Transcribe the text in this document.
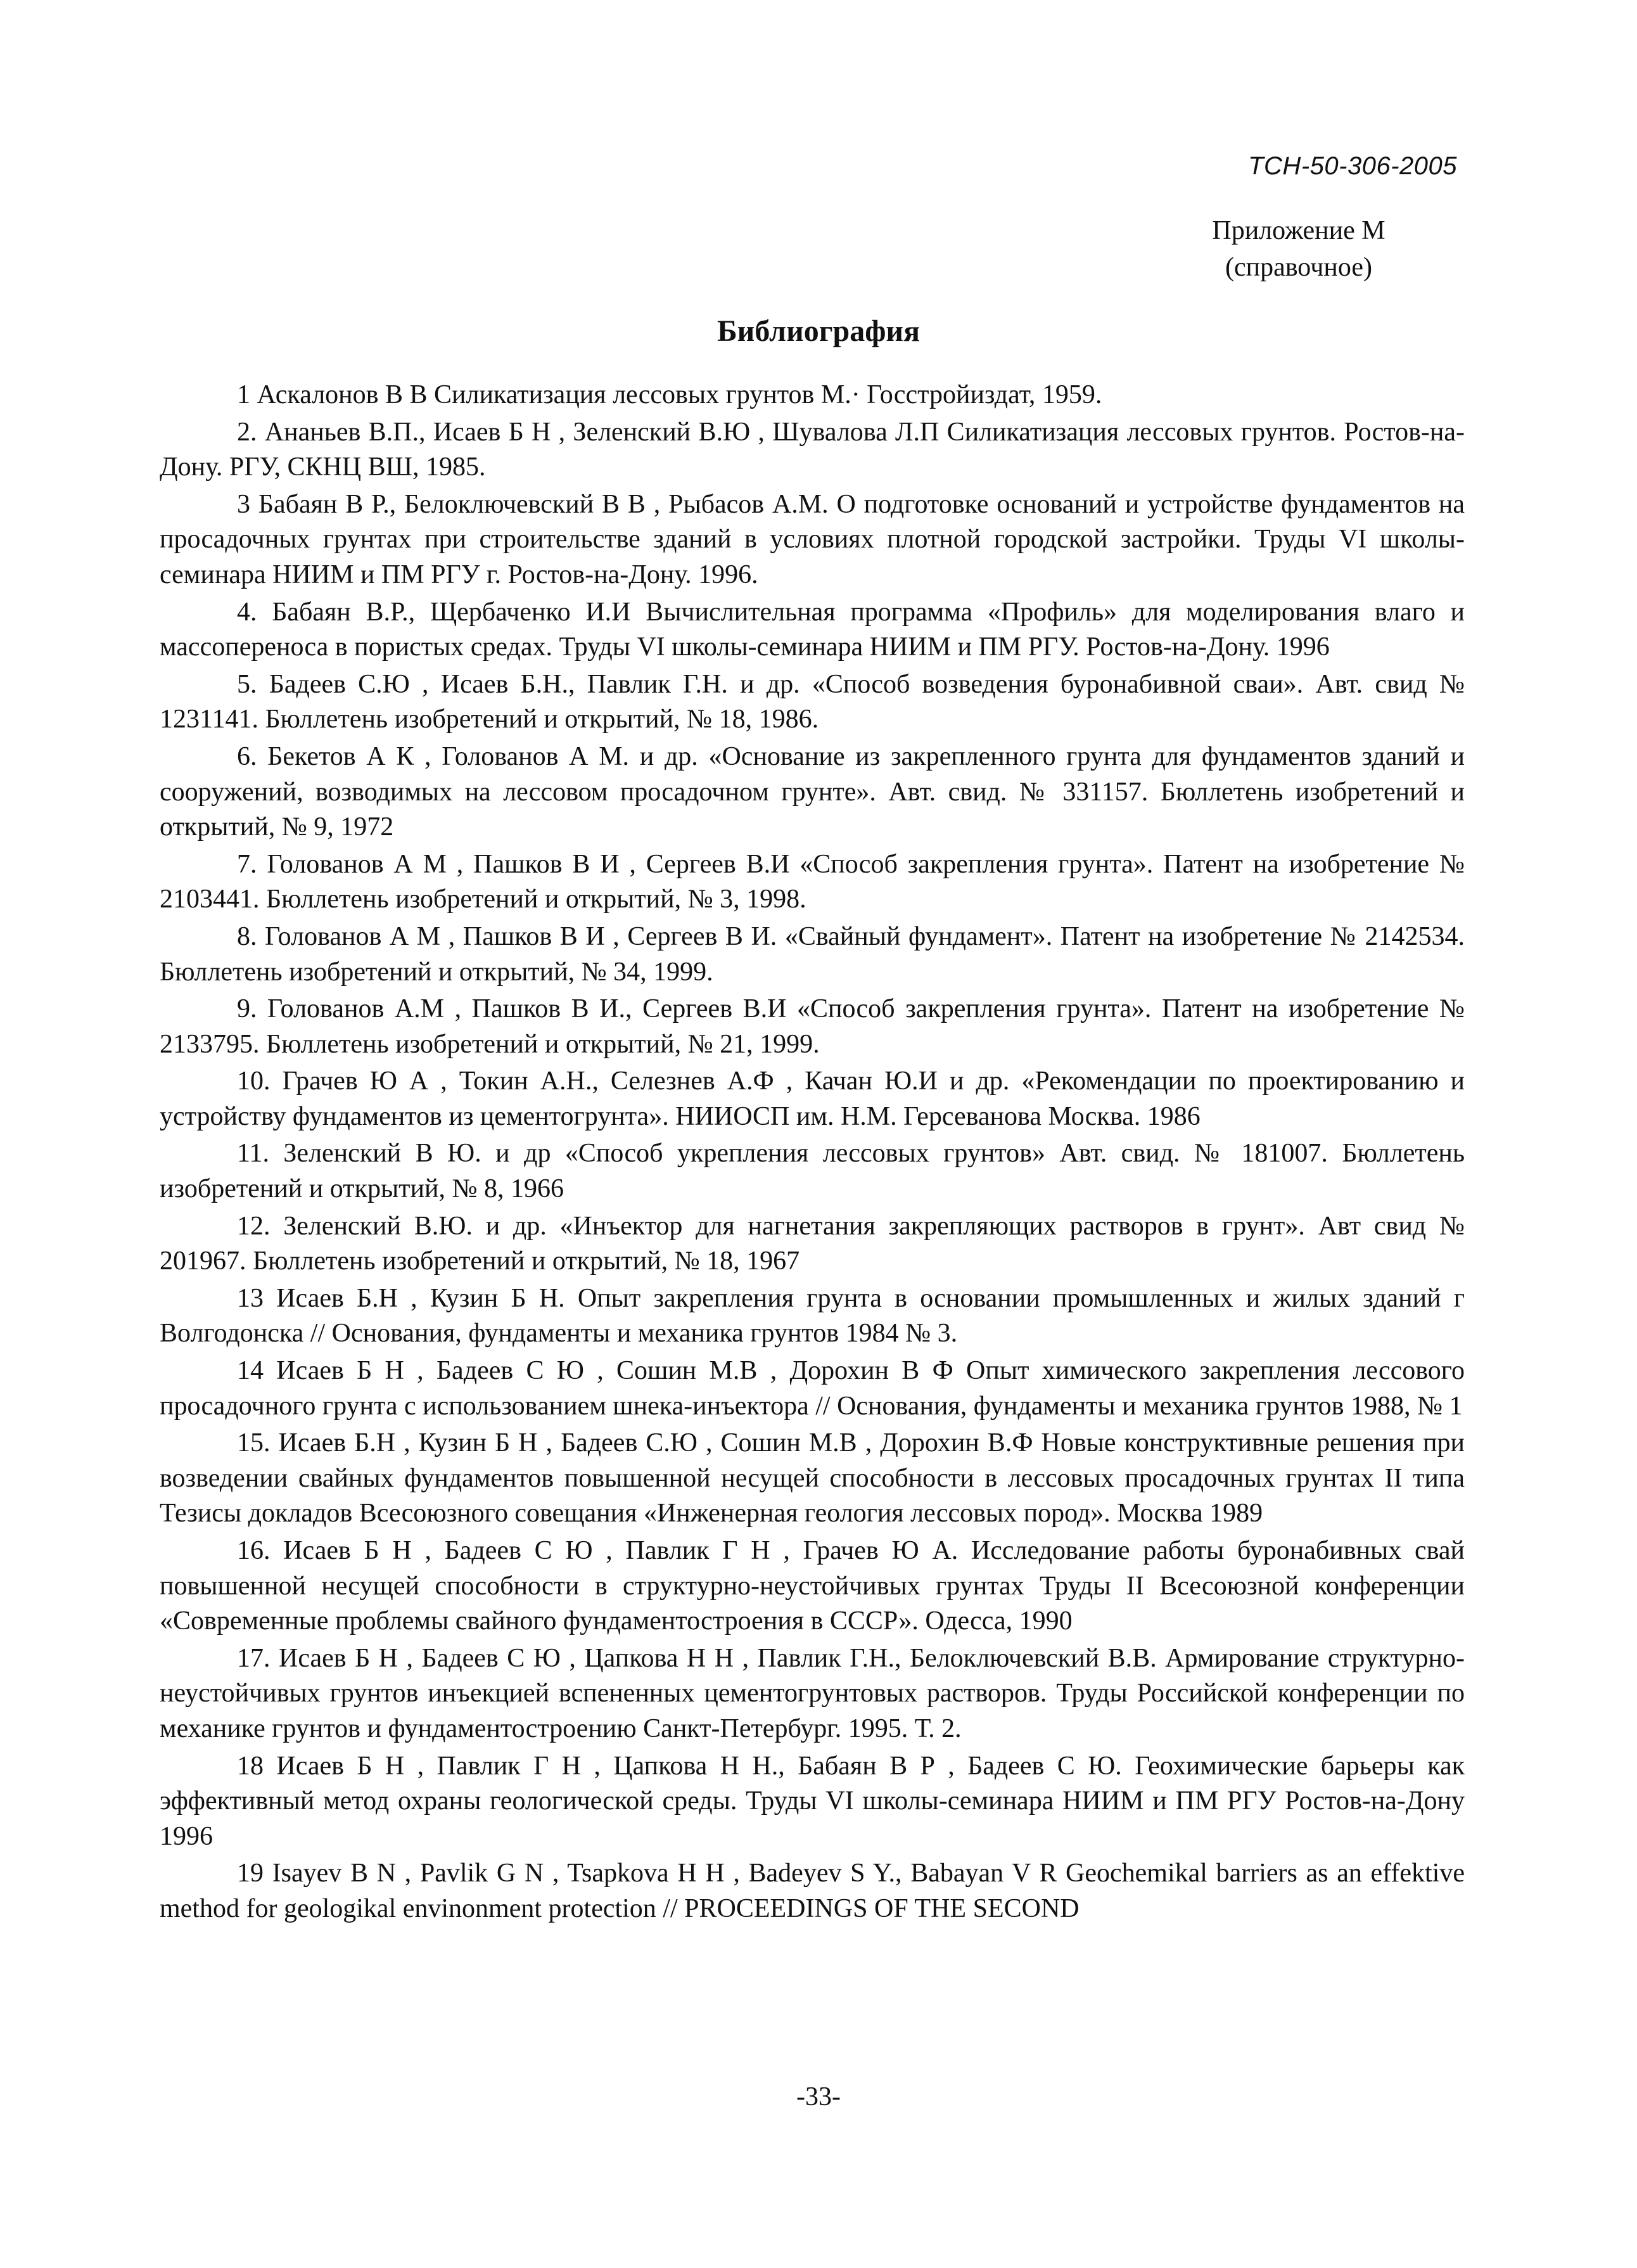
ТСН-50-306-2005
Приложение М
(справочное)
Библиография
1 Аскалонов В В Силикатизация лессовых грунтов М.· Госстройиздат, 1959.
2. Ананьев В.П., Исаев Б Н , Зеленский В.Ю , Шувалова Л.П Силикатизация лессовых грунтов. Ростов-на-Дону. РГУ, СКНЦ ВШ, 1985.
3 Бабаян В Р., Белоключевский В В , Рыбасов А.М. О подготовке оснований и устройстве фундаментов на просадочных грунтах при строительстве зданий в условиях плотной городской застройки. Труды VI школы-семинара НИИМ и ПМ РГУ г. Ростов-на-Дону. 1996.
4. Бабаян В.Р., Щербаченко И.И Вычислительная программа «Профиль» для моделирования влаго и массопереноса в пористых средах. Труды VI школы-семинара НИИМ и ПМ РГУ. Ростов-на-Дону. 1996
5. Бадеев С.Ю , Исаев Б.Н., Павлик Г.Н. и др. «Способ возведения буронабивной сваи». Авт. свид № 1231141. Бюллетень изобретений и открытий, № 18, 1986.
6. Бекетов А К , Голованов А М. и др. «Основание из закрепленного грунта для фундаментов зданий и сооружений, возводимых на лессовом просадочном грунте». Авт. свид. № 331157. Бюллетень изобретений и открытий, № 9, 1972
7. Голованов А М , Пашков В И , Сергеев В.И «Способ закрепления грунта». Патент на изобретение № 2103441. Бюллетень изобретений и открытий, № 3, 1998.
8. Голованов А М , Пашков В И , Сергеев В И. «Свайный фундамент». Патент на изобретение № 2142534. Бюллетень изобретений и открытий, № 34, 1999.
9. Голованов А.М , Пашков В И., Сергеев В.И «Способ закрепления грунта». Патент на изобретение № 2133795. Бюллетень изобретений и открытий, № 21, 1999.
10. Грачев Ю А , Токин А.Н., Селезнев А.Ф , Качан Ю.И и др. «Рекомендации по проектированию и устройству фундаментов из цементогрунта». НИИОСП им. Н.М. Герсеванова Москва. 1986
11. Зеленский В Ю. и др «Способ укрепления лессовых грунтов» Авт. свид. № 181007. Бюллетень изобретений и открытий, № 8, 1966
12. Зеленский В.Ю. и др. «Инъектор для нагнетания закрепляющих растворов в грунт». Авт свид № 201967. Бюллетень изобретений и открытий, № 18, 1967
13 Исаев Б.Н , Кузин Б Н. Опыт закрепления грунта в основании промышленных и жилых зданий г Волгодонска // Основания, фундаменты и механика грунтов 1984 № 3.
14 Исаев Б Н , Бадеев С Ю , Сошин М.В , Дорохин В Ф Опыт химического закрепления лессового просадочного грунта с использованием шнека-инъектора // Основания, фундаменты и механика грунтов 1988, № 1
15. Исаев Б.Н , Кузин Б Н , Бадеев С.Ю , Сошин М.В , Дорохин В.Ф Новые конструктивные решения при возведении свайных фундаментов повышенной несущей способности в лессовых просадочных грунтах II типа Тезисы докладов Всесоюзного совещания «Инженерная геология лессовых пород». Москва 1989
16. Исаев Б Н , Бадеев С Ю , Павлик Г Н , Грачев Ю А. Исследование работы буронабивных свай повышенной несущей способности в структурно-неустойчивых грунтах Труды II Всесоюзной конференции «Современные проблемы свайного фундаментостроения в СССР». Одесса, 1990
17. Исаев Б Н , Бадеев С Ю , Цапкова Н Н , Павлик Г.Н., Белоключевский В.В. Армирование структурно-неустойчивых грунтов инъекцией вспененных цементогрунтовых растворов. Труды Российской конференции по механике грунтов и фундаментостроению Санкт-Петербург. 1995. Т. 2.
18 Исаев Б Н , Павлик Г Н , Цапкова Н Н., Бабаян В Р , Бадеев С Ю. Геохимические барьеры как эффективный метод охраны геологической среды. Труды VI школы-семинара НИИМ и ПМ РГУ Ростов-на-Дону 1996
19 Isayev B N , Pavlik G N , Tsapkova H H , Badeyev S Y., Babayan V R Geochemikal barriers as an effektive method for geologikal envinonment protection // PROCEEDINGS OF THE SECOND
-33-
